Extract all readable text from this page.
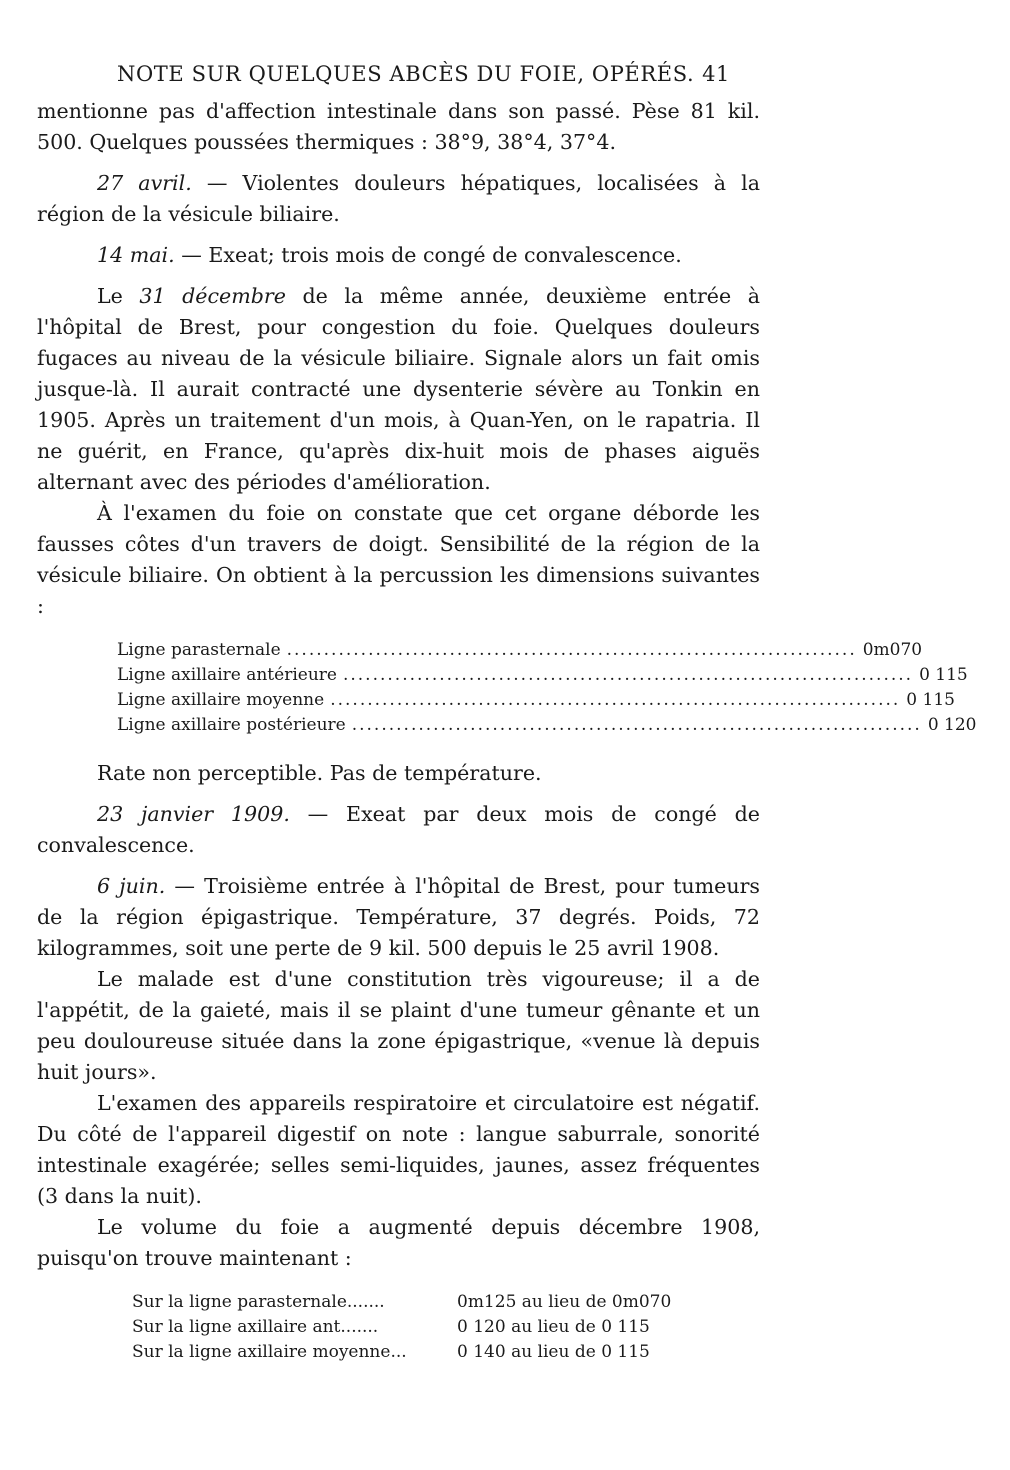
NOTE SUR QUELQUES ABCÈS DU FOIE, OPÉRÉS. 41

mentionne pas d'affection intestinale dans son passé. Pèse 81 kil. 500. Quelques poussées thermiques : 38°9, 38°4, 37°4.

27 avril. — Violentes douleurs hépatiques, localisées à la région de la vésicule biliaire.

14 mai. — Exeat; trois mois de congé de convalescence.

Le 31 décembre de la même année, deuxième entrée à l'hôpital de Brest, pour congestion du foie. Quelques douleurs fugaces au niveau de la vésicule biliaire. Signale alors un fait omis jusque-là. Il aurait contracté une dysenterie sévère au Tonkin en 1905. Après un traitement d'un mois, à Quan-Yen, on le rapatria. Il ne guérit, en France, qu'après dix-huit mois de phases aiguës alternant avec des périodes d'amélioration.

À l'examen du foie on constate que cet organe déborde les fausses côtes d'un travers de doigt. Sensibilité de la région de la vésicule biliaire. On obtient à la percussion les dimensions suivantes :

Ligne parasternale ............................................................................. 0m070
Ligne axillaire antérieure ............................................................................. 0 115
Ligne axillaire moyenne ............................................................................. 0 115
Ligne axillaire postérieure ............................................................................. 0 120

Rate non perceptible. Pas de température.

23 janvier 1909. — Exeat par deux mois de congé de convalescence.

6 juin. — Troisième entrée à l'hôpital de Brest, pour tumeurs de la région épigastrique. Température, 37 degrés. Poids, 72 kilogrammes, soit une perte de 9 kil. 500 depuis le 25 avril 1908.

Le malade est d'une constitution très vigoureuse; il a de l'appétit, de la gaieté, mais il se plaint d'une tumeur gênante et un peu douloureuse située dans la zone épigastrique, «venue là depuis huit jours».

L'examen des appareils respiratoire et circulatoire est négatif. Du côté de l'appareil digestif on note : langue saburrale, sonorité intestinale exagérée; selles semi-liquides, jaunes, assez fréquentes (3 dans la nuit).

Le volume du foie a augmenté depuis décembre 1908, puisqu'on trouve maintenant :

Sur la ligne parasternale.......	0m125 au lieu de 0m070
Sur la ligne axillaire ant.......	0 120 au lieu de 0 115
Sur la ligne axillaire moyenne...	0 140 au lieu de 0 115
